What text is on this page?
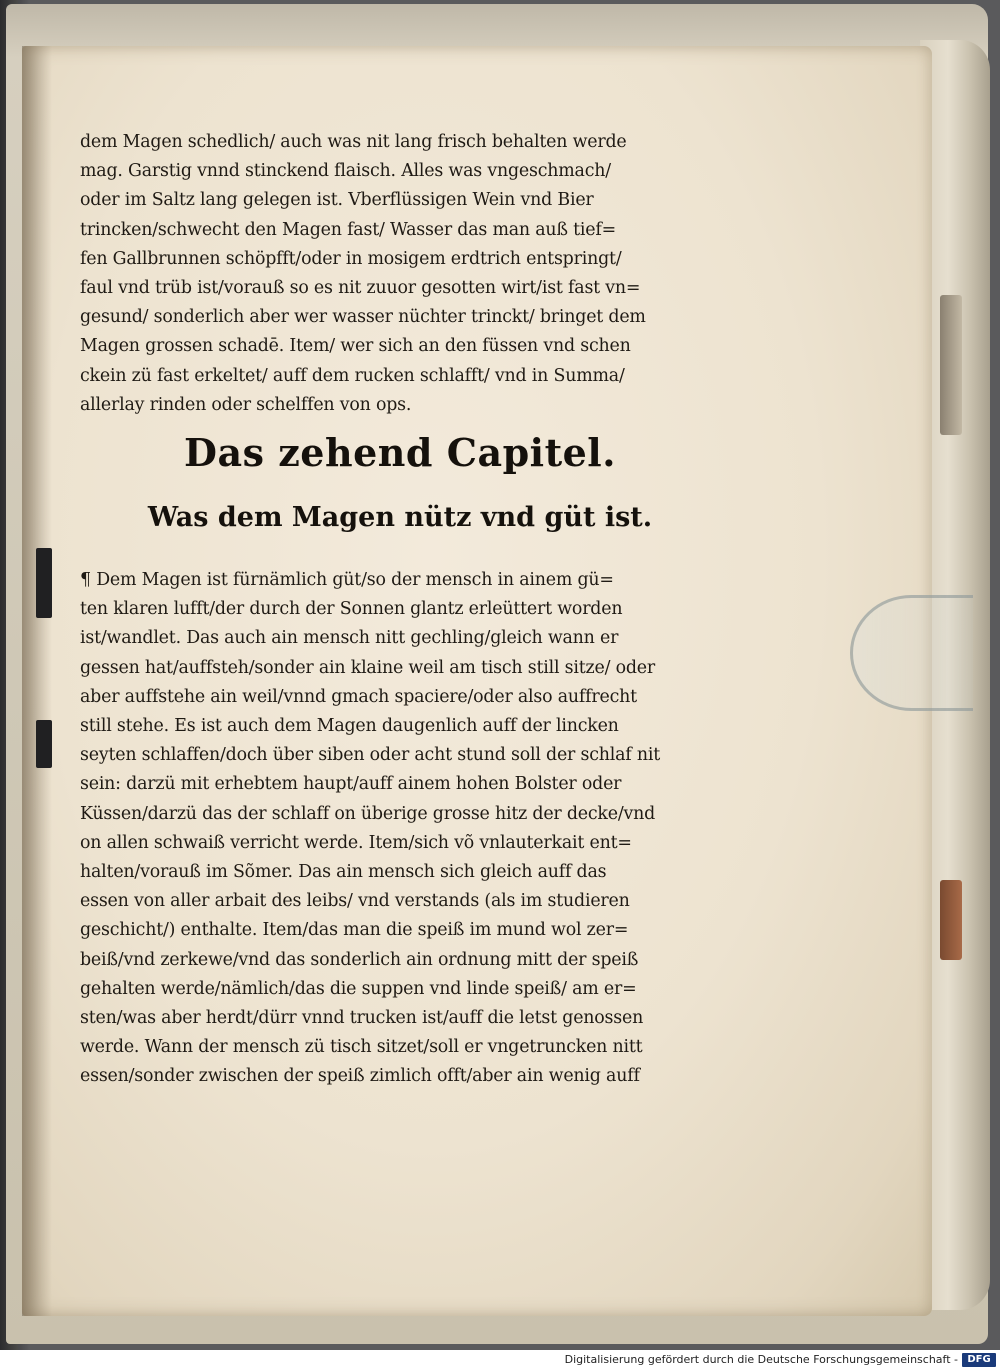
dem Magen schedlich/ auch was nit lang frisch behalten werde
mag. Garstig vnnd stinckend flaisch. Alles was vngeschmach/
oder im Saltz lang gelegen ist. Vberflüssigen Wein vnd Bier
trincken/schwecht den Magen fast/ Wasser das man auß tief=
fen Gallbrunnen schöpfft/oder in mosigem erdtrich entspringt/
faul vnd trüb ist/vorauß so es nit zuuor gesotten wirt/ist fast vn=
gesund/ sonderlich aber wer wasser nüchter trinckt/ bringet dem
Magen grossen schadē. Item/ wer sich an den füssen vnd schen
ckein zü fast erkeltet/ auff dem rucken schlafft/ vnd in Summa/
allerlay rinden oder schelffen von ops.
Das zehend Capitel.
Was dem Magen nütz vnd güt ist.
¶ Dem Magen ist fürnämlich güt/so der mensch in ainem gü=
ten klaren lufft/der durch der Sonnen glantz erleüttert worden
ist/wandlet. Das auch ain mensch nitt gechling/gleich wann er
gessen hat/auffsteh/sonder ain klaine weil am tisch still sitze/ oder
aber auffstehe ain weil/vnnd gmach spaciere/oder also auffrecht
still stehe. Es ist auch dem Magen daugenlich auff der lincken
seyten schlaffen/doch über siben oder acht stund soll der schlaf nit
sein: darzü mit erhebtem haupt/auff ainem hohen Bolster oder
Küssen/darzü das der schlaff on überige grosse hitz der decke/vnd
on allen schwaiß verricht werde. Item/sich võ vnlauterkait ent=
halten/vorauß im Sõmer. Das ain mensch sich gleich auff das
essen von aller arbait des leibs/ vnd verstands (als im studieren
geschicht/) enthalte. Item/das man die speiß im mund wol zer=
beiß/vnd zerkewe/vnd das sonderlich ain ordnung mitt der speiß
gehalten werde/nämlich/das die suppen vnd linde speiß/ am er=
sten/was aber herdt/dürr vnnd trucken ist/auff die letst genossen
werde. Wann der mensch zü tisch sitzet/soll er vngetruncken nitt
essen/sonder zwischen der speiß zimlich offt/aber ain wenig auff
Digitalisierung gefördert durch die Deutsche Forschungsgemeinschaft - DFG
